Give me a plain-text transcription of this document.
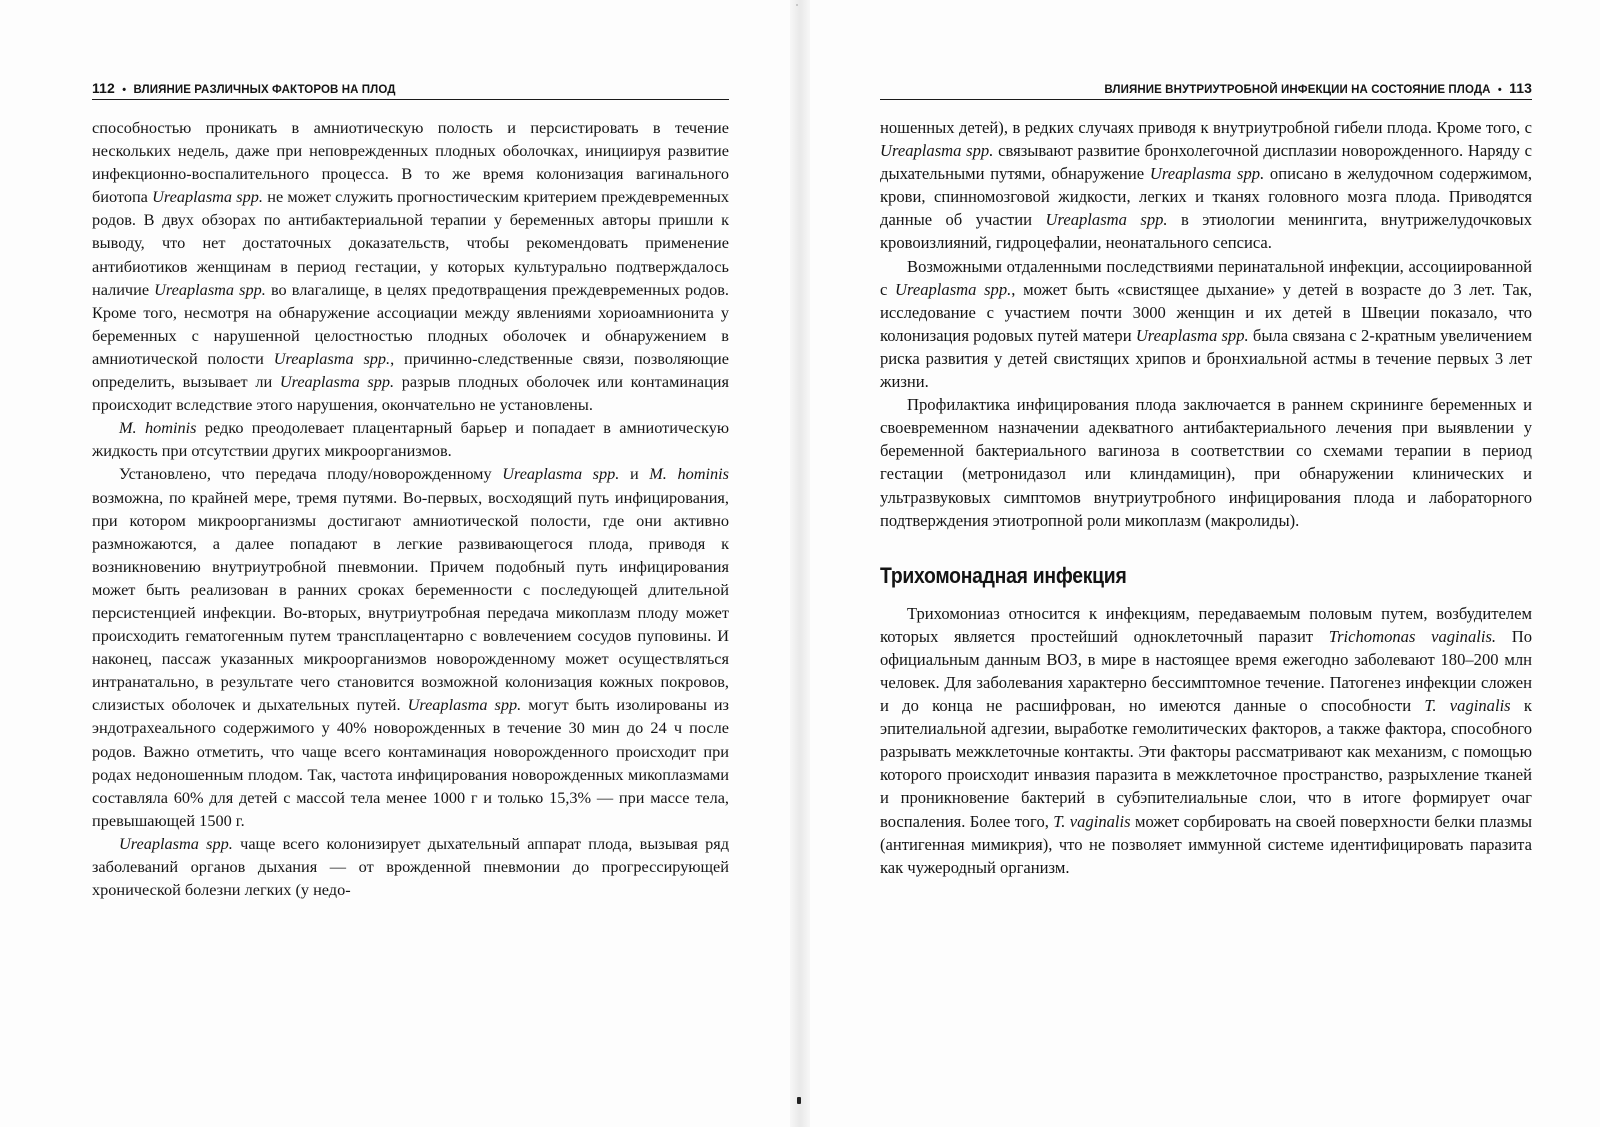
112 • ВЛИЯНИЕ РАЗЛИЧНЫХ ФАКТОРОВ НА ПЛОД

способностью проникать в амниотическую полость и персистировать в течение нескольких недель, даже при неповрежденных плодных оболочках, инициируя развитие инфекционно-воспалительного процесса. В то же время колонизация вагинального биотопа Ureaplasma spp. не может служить прогностическим критерием преждевременных родов. В двух обзорах по антибактериальной терапии у беременных авторы пришли к выводу, что нет достаточных доказательств, чтобы рекомендовать применение антибиотиков женщинам в период гестации, у которых культурально подтверждалось наличие Ureaplasma spp. во влагалище, в целях предотвращения преждевременных родов. Кроме того, несмотря на обнаружение ассоциации между явлениями хориоамнионита у беременных с нарушенной целостностью плодных оболочек и обнаружением в амниотической полости Ureaplasma spp., причинно-следственные связи, позволяющие определить, вызывает ли Ureaplasma spp. разрыв плодных оболочек или контаминация происходит вследствие этого нарушения, окончательно не установлены.

M. hominis редко преодолевает плацентарный барьер и попадает в амниотическую жидкость при отсутствии других микроорганизмов.

Установлено, что передача плоду/новорожденному Ureaplasma spp. и M. hominis возможна, по крайней мере, тремя путями. Во-первых, восходящий путь инфицирования, при котором микроорганизмы достигают амниотической полости, где они активно размножаются, а далее попадают в легкие развивающегося плода, приводя к возникновению внутриутробной пневмонии. Причем подобный путь инфицирования может быть реализован в ранних сроках беременности с последующей длительной персистенцией инфекции. Во-вторых, внутриутробная передача микоплазм плоду может происходить гематогенным путем трансплацентарно с вовлечением сосудов пуповины. И наконец, пассаж указанных микроорганизмов новорожденному может осуществляться интранатально, в результате чего становится возможной колонизация кожных покровов, слизистых оболочек и дыхательных путей. Ureaplasma spp. могут быть изолированы из эндотрахеального содержимого у 40% новорожденных в течение 30 мин до 24 ч после родов. Важно отметить, что чаще всего контаминация новорожденного происходит при родах недоношенным плодом. Так, частота инфицирования новорожденных микоплазмами составляла 60% для детей с массой тела менее 1000 г и только 15,3% — при массе тела, превышающей 1500 г.

Ureaplasma spp. чаще всего колонизирует дыхательный аппарат плода, вызывая ряд заболеваний органов дыхания — от врожденной пневмонии до прогрессирующей хронической болезни легких (у недо-

ВЛИЯНИЕ ВНУТРИУТРОБНОЙ ИНФЕКЦИИ НА СОСТОЯНИЕ ПЛОДА • 113

ношенных детей), в редких случаях приводя к внутриутробной гибели плода. Кроме того, с Ureaplasma spp. связывают развитие бронхолегочной дисплазии новорожденного. Наряду с дыхательными путями, обнаружение Ureaplasma spp. описано в желудочном содержимом, крови, спинномозговой жидкости, легких и тканях головного мозга плода. Приводятся данные об участии Ureaplasma spp. в этиологии менингита, внутрижелудочковых кровоизлияний, гидроцефалии, неонатального сепсиса.

Возможными отдаленными последствиями перинатальной инфекции, ассоциированной с Ureaplasma spp., может быть «свистящее дыхание» у детей в возрасте до 3 лет. Так, исследование с участием почти 3000 женщин и их детей в Швеции показало, что колонизация родовых путей матери Ureaplasma spp. была связана с 2-кратным увеличением риска развития у детей свистящих хрипов и бронхиальной астмы в течение первых 3 лет жизни.

Профилактика инфицирования плода заключается в раннем скрининге беременных и своевременном назначении адекватного антибактериального лечения при выявлении у беременной бактериального вагиноза в соответствии со схемами терапии в период гестации (метронидазол или клиндамицин), при обнаружении клинических и ультразвуковых симптомов внутриутробного инфицирования плода и лабораторного подтверждения этиотропной роли микоплазм (макролиды).

Трихомонадная инфекция

Трихомониаз относится к инфекциям, передаваемым половым путем, возбудителем которых является простейший одноклеточный паразит Trichomonas vaginalis. По официальным данным ВОЗ, в мире в настоящее время ежегодно заболевают 180–200 млн человек. Для заболевания характерно бессимптомное течение. Патогенез инфекции сложен и до конца не расшифрован, но имеются данные о способности T. vaginalis к эпителиальной адгезии, выработке гемолитических факторов, а также фактора, способного разрывать межклеточные контакты. Эти факторы рассматривают как механизм, с помощью которого происходит инвазия паразита в межклеточное пространство, разрыхление тканей и проникновение бактерий в субэпителиальные слои, что в итоге формирует очаг воспаления. Более того, T. vaginalis может сорбировать на своей поверхности белки плазмы (антигенная мимикрия), что не позволяет иммунной системе идентифицировать паразита как чужеродный организм.
